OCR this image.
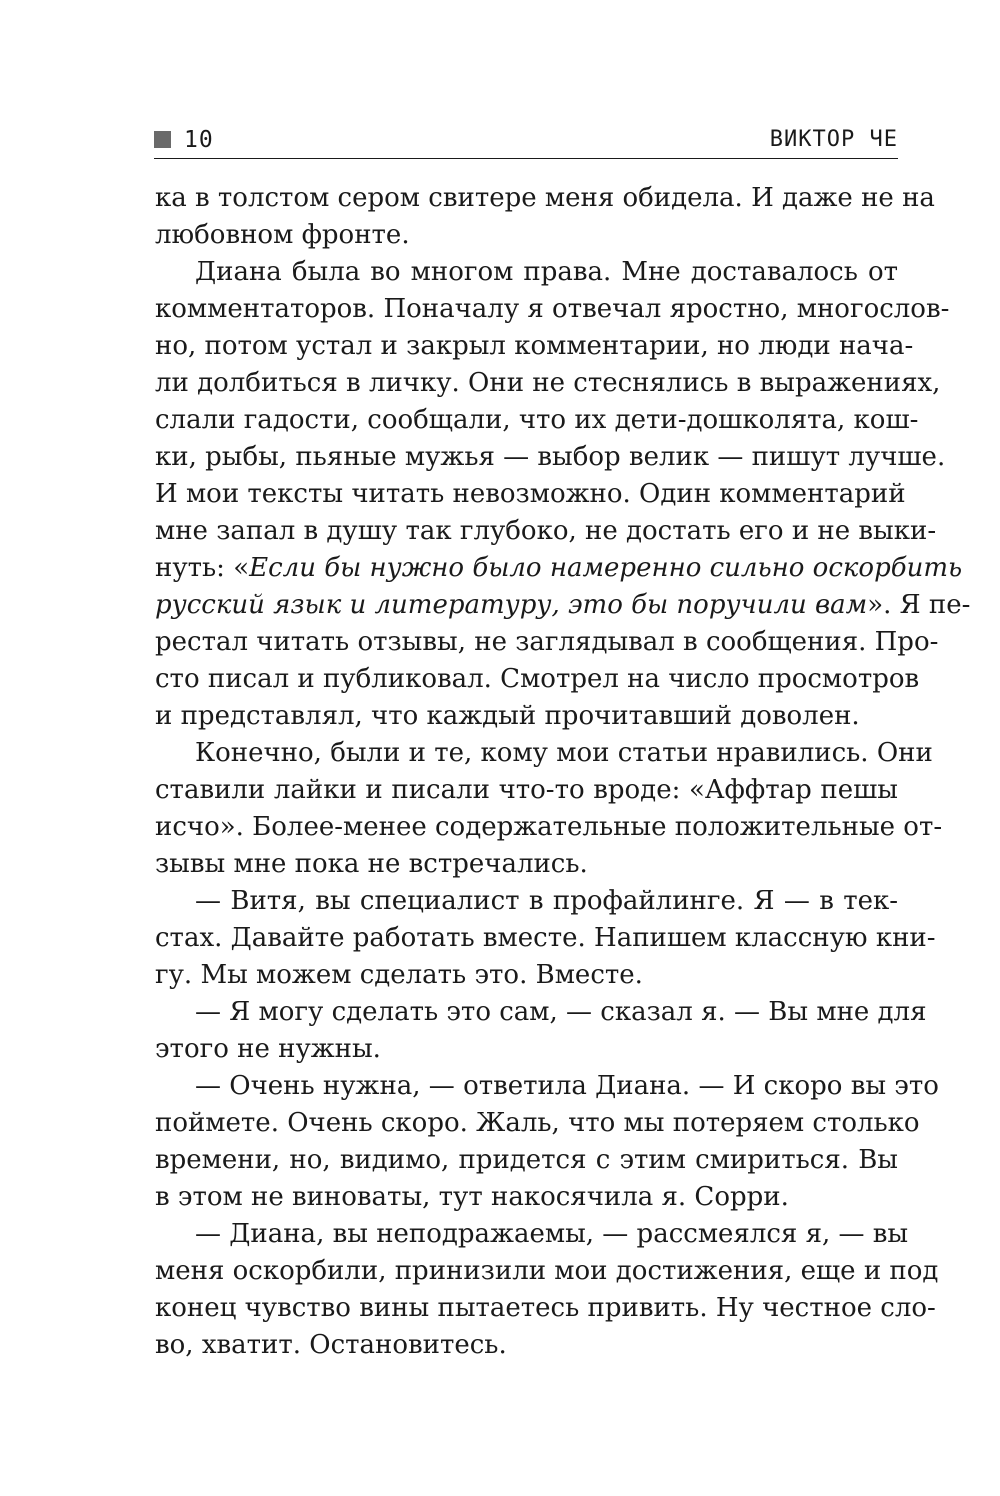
10	ВИКТОР ЧЕ
ка в толстом сером свитере меня обидела. И даже не на
любовном фронте.
Диана была во многом права. Мне доставалось от
комментаторов. Поначалу я отвечал яростно, многослов-
но, потом устал и закрыл комментарии, но люди нача-
ли долбиться в личку. Они не стеснялись в выражениях,
слали гадости, сообщали, что их дети-дошколята, кош-
ки, рыбы, пьяные мужья — выбор велик — пишут лучше.
И мои тексты читать невозможно. Один комментарий
мне запал в душу так глубоко, не достать его и не выки-
нуть: «Если бы нужно было намеренно сильно оскорбить
русский язык и литературу, это бы поручили вам». Я пе-
рестал читать отзывы, не заглядывал в сообщения. Про-
сто писал и публиковал. Смотрел на число просмотров
и представлял, что каждый прочитавший доволен.
Конечно, были и те, кому мои статьи нравились. Они
ставили лайки и писали что-то вроде: «Аффтар пешы
исчо». Более-менее содержательные положительные от-
зывы мне пока не встречались.
— Витя, вы специалист в профайлинге. Я — в тек-
стах. Давайте работать вместе. Напишем классную кни-
гу. Мы можем сделать это. Вместе.
— Я могу сделать это сам, — сказал я. — Вы мне для
этого не нужны.
— Очень нужна, — ответила Диана. — И скоро вы это
поймете. Очень скоро. Жаль, что мы потеряем столько
времени, но, видимо, придется с этим смириться. Вы
в этом не виноваты, тут накосячила я. Сорри.
— Диана, вы неподражаемы, — рассмеялся я, — вы
меня оскорбили, принизили мои достижения, еще и под
конец чувство вины пытаетесь привить. Ну честное сло-
во, хватит. Остановитесь.
